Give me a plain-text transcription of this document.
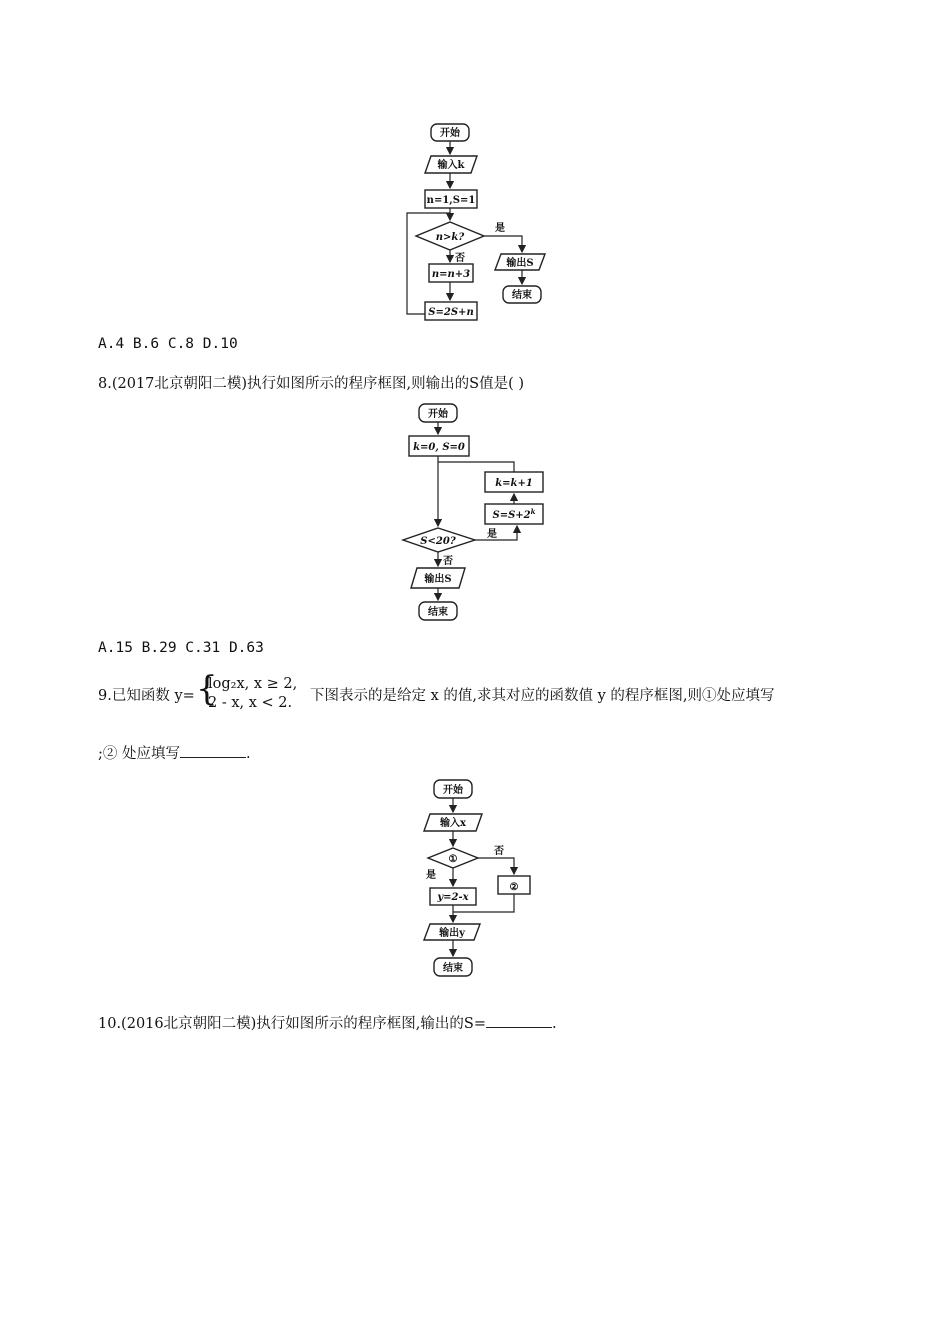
开始
输入k
n=1,S=1
n>k?
是
否
n=n+3
S=2S+n
输出S
结束
A.4 B.6 C.8 D.10
8.(2017北京朝阳二模)执行如图所示的程序框图,则输出的S值是( )
开始
k=0, S=0
k=k+1
$S=S+2^k$
S<20?
是
否
输出S
结束
A.15 B.29 C.31 D.63
9.已知函数 y= {
log₂x, x ≥ 2,
2 - x, x < 2. 下图表示的是给定 x 的值,求其对应的函数值 y 的程序框图,则①处应填写
;② 处应填写	.
开始
输入x
①
否
②
是
y=2-x
输出y
结束
10.(2016北京朝阳二模)执行如图所示的程序框图,输出的S=	.
